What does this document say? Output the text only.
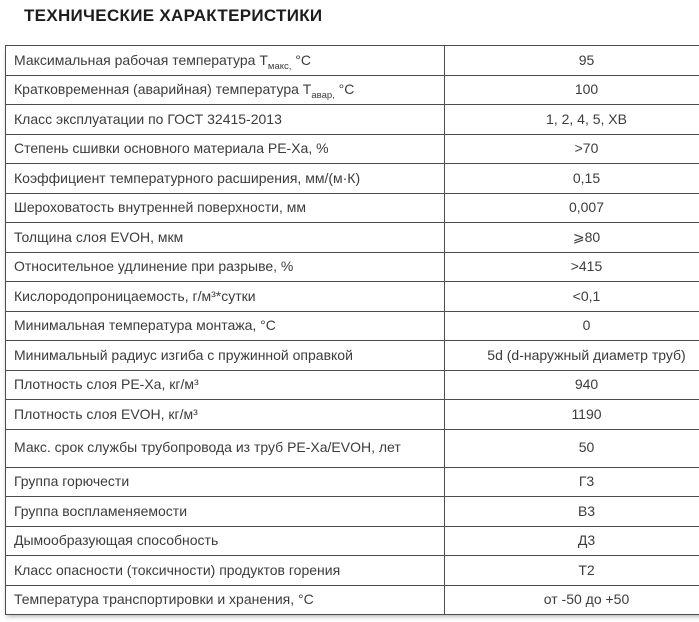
ТЕХНИЧЕСКИЕ ХАРАКТЕРИСТИКИ
Максимальная рабочая температура $Т_{макс,}$ °С	95
Кратковременная (аварийная) температура $Т_{авар,}$ °С	100
Класс эксплуатации по ГОСТ 32415-2013	1, 2, 4, 5, ХВ
Степень сшивки основного материала PE-Xa, %	>70
Коэффициент температурного расширения, мм/(м·К)	0,15
Шероховатость внутренней поверхности, мм	0,007
Толщина слоя EVOH, мкм	⩾80
Относительное удлинение при разрыве, %	>415
Кислородопроницаемость, г/м³*сутки	<0,1
Минимальная температура монтажа, °С	0
Минимальный радиус изгиба с пружинной оправкой	5d (d-наружный диаметр труб)
Плотность слоя PE-Xa, кг/м³	940
Плотность слоя EVOH, кг/м³	1190
Макс. срок службы трубопровода из труб PE-Xa/EVOH, лет	50
Группа горючести	Г3
Группа воспламеняемости	В3
Дымообразующая способность	Д3
Класс опасности (токсичности) продуктов горения	Т2
Температура транспортировки и хранения, °С	от -50 до +50
